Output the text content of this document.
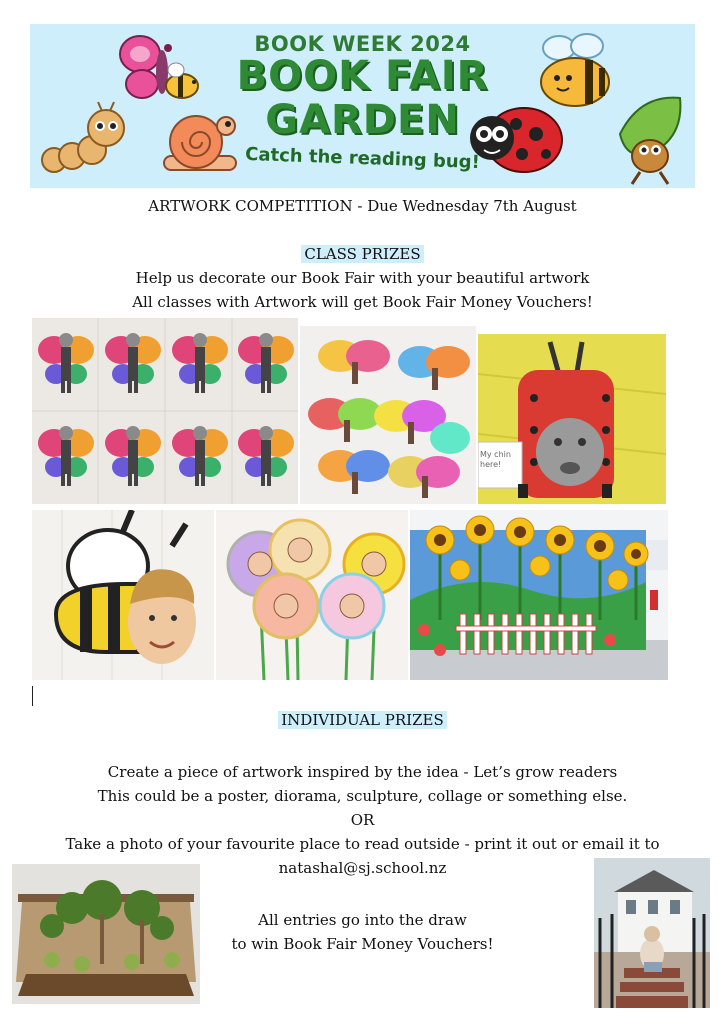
BOOK WEEK 2024
BOOK FAIR
GARDEN
Catch the reading bug!
ARTWORK COMPETITION - Due Wednesday 7th August
CLASS PRIZES
Help us decorate our Book Fair with your beautiful artwork
All classes with Artwork will get Book Fair Money Vouchers!
My chin here!
INDIVIDUAL PRIZES
Create a piece of artwork inspired by the idea - Let’s grow readers
This could be a poster, diorama, sculpture, collage or something else.
OR
Take a photo of your favourite place to read outside - print it out or email it to
natashal@sj.school.nz
All entries go into the draw
to win Book Fair Money Vouchers!
